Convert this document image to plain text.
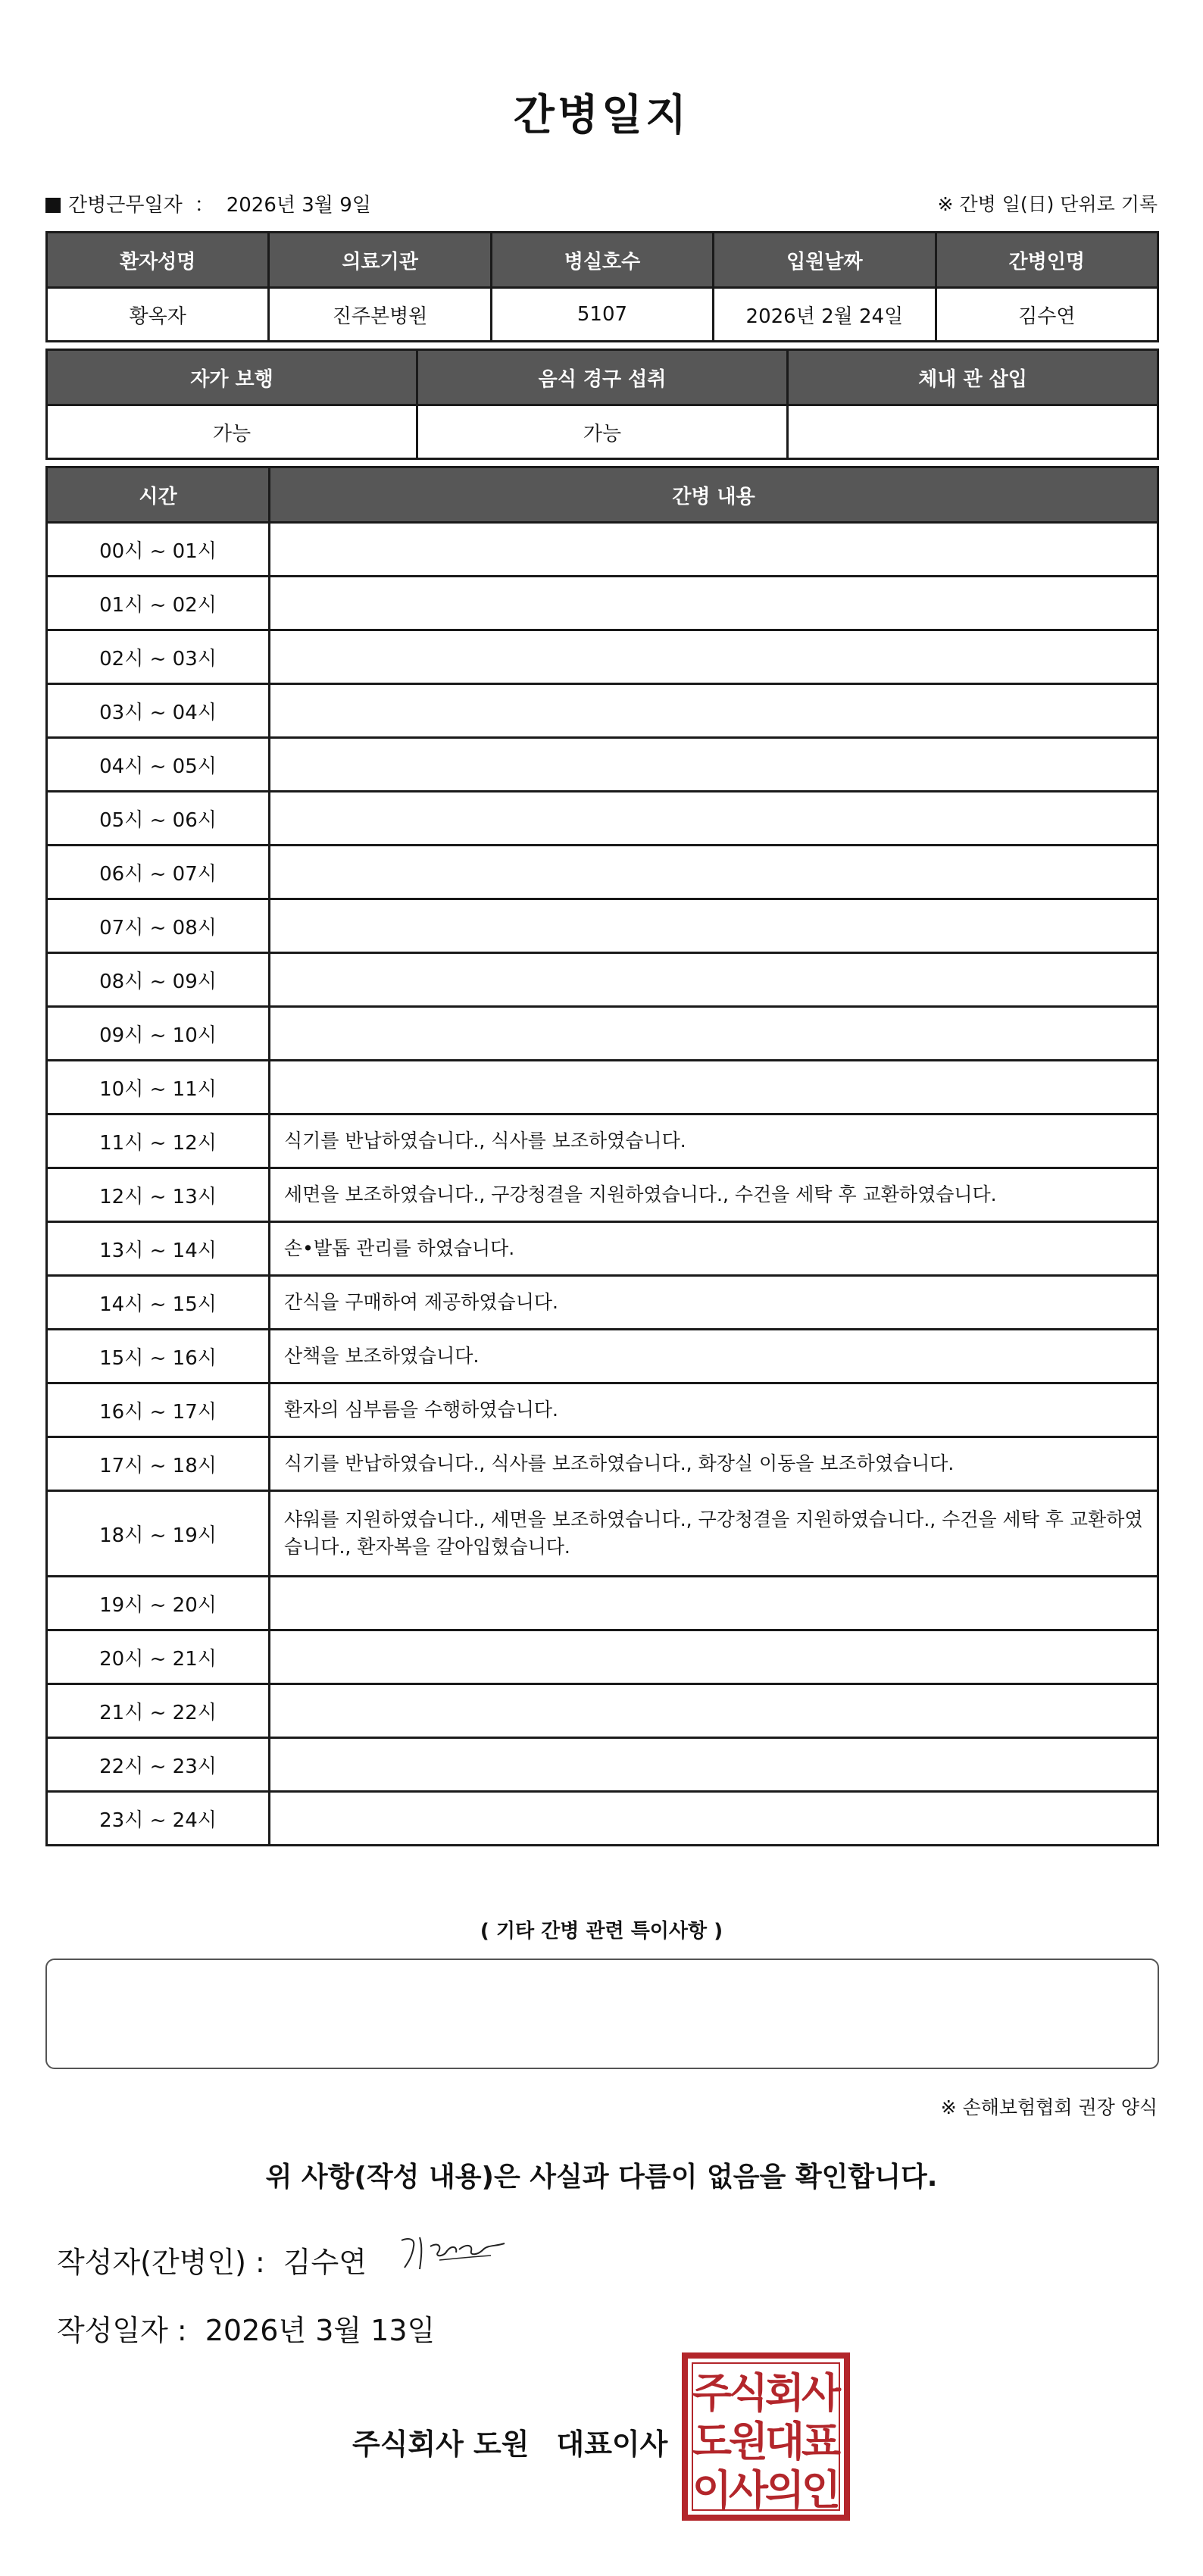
간병일지
간병근무일자 ： 2026년 3월 9일	※ 간병 일(日) 단위로 기록
환자성명	의료기관	병실호수	입원날짜	간병인명
황옥자	진주본병원	5107	2026년 2월 24일	김수연
자가 보행	음식 경구 섭취	체내 관 삽입
가능	가능	
시간	간병 내용
00시 ~ 01시	
01시 ~ 02시	
02시 ~ 03시	
03시 ~ 04시	
04시 ~ 05시	
05시 ~ 06시	
06시 ~ 07시	
07시 ~ 08시	
08시 ~ 09시	
09시 ~ 10시	
10시 ~ 11시	
11시 ~ 12시	식기를 반납하였습니다., 식사를 보조하였습니다.
12시 ~ 13시	세면을 보조하였습니다., 구강청결을 지원하였습니다., 수건을 세탁 후 교환하였습니다.
13시 ~ 14시	손•발톱 관리를 하였습니다.
14시 ~ 15시	간식을 구매하여 제공하였습니다.
15시 ~ 16시	산책을 보조하였습니다.
16시 ~ 17시	환자의 심부름을 수행하였습니다.
17시 ~ 18시	식기를 반납하였습니다., 식사를 보조하였습니다., 화장실 이동을 보조하였습니다.
18시 ~ 19시	샤워를 지원하였습니다., 세면을 보조하였습니다., 구강청결을 지원하였습니다., 수건을 세탁 후 교환하였습니다., 환자복을 갈아입혔습니다.
19시 ~ 20시	
20시 ~ 21시	
21시 ~ 22시	
22시 ~ 23시	
23시 ~ 24시	
( 기타 간병 관련 특이사항 )
※ 손해보험협회 권장 양식
위 사항(작성 내용)은 사실과 다름이 없음을 확인합니다.
작성자(간병인) : 김수연
작성일자 : 2026년 3월 13일
주식회사 도원 대표이사
주
식
회
사
도
원
대
표
이
사
의
인
